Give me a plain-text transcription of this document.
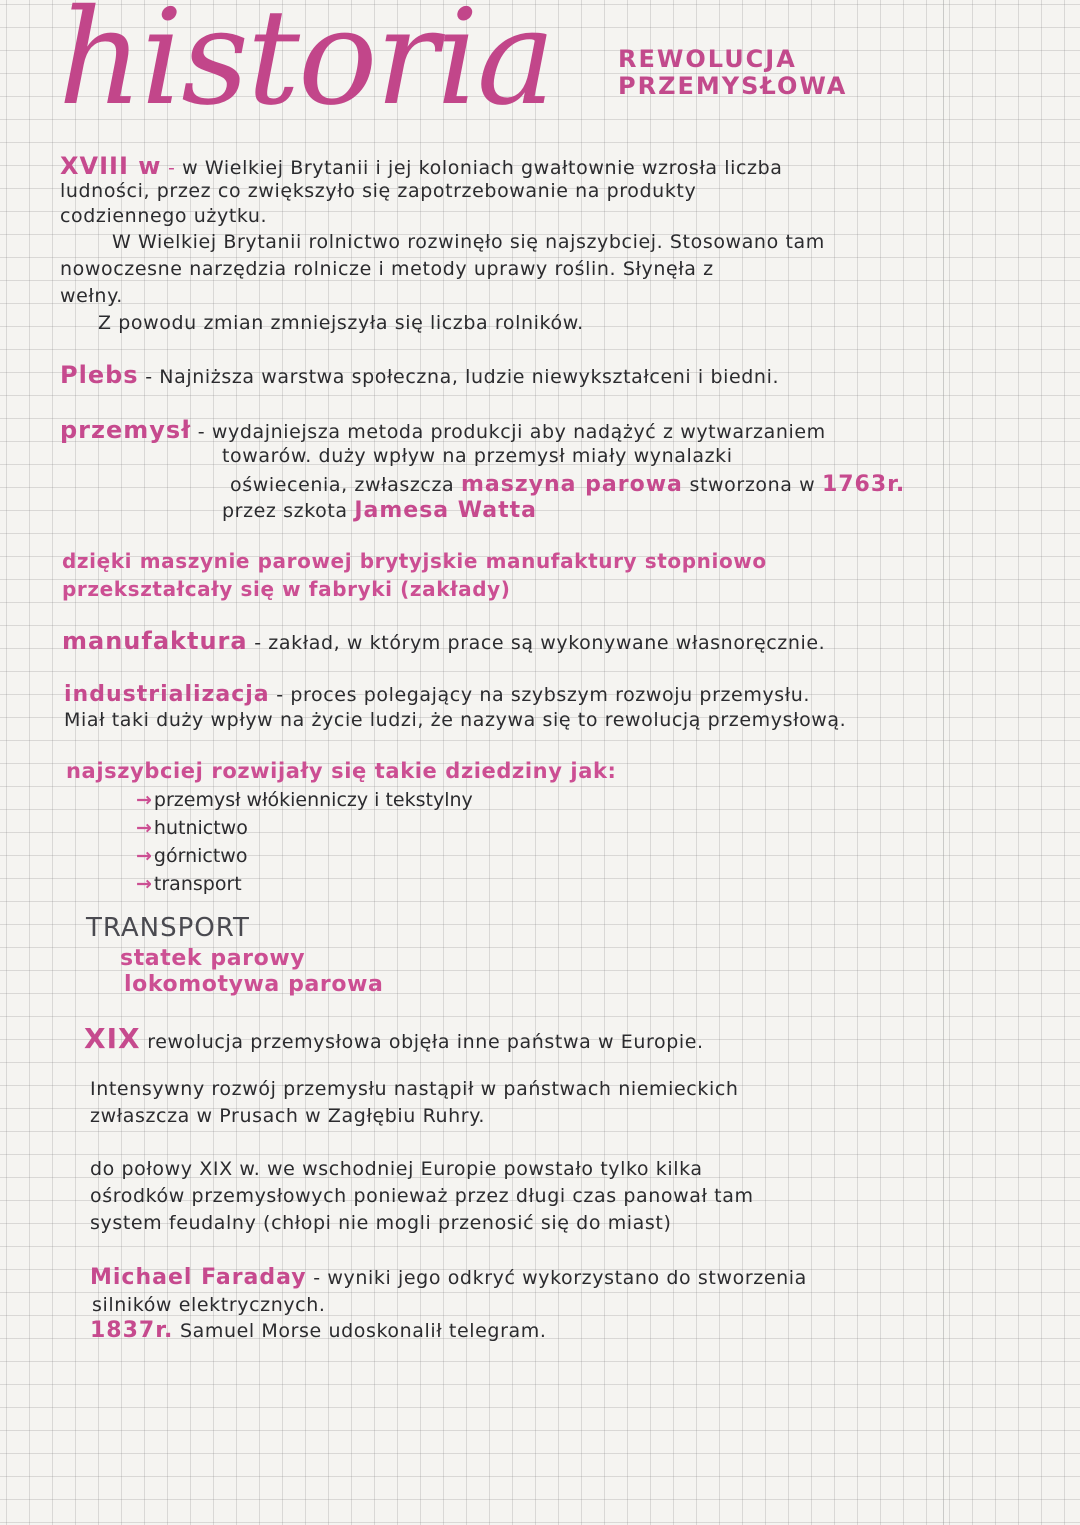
historia	REWOLUCJA
PRZEMYSŁOWA
XVIII w - w Wielkiej Brytanii i jej koloniach gwałtownie wzrosła liczba
ludności, przez co zwiększyło się zapotrzebowanie na produkty
codziennego użytku.
W Wielkiej Brytanii rolnictwo rozwinęło się najszybciej. Stosowano tam
nowoczesne narzędzia rolnicze i metody uprawy roślin. Słynęła z
wełny.
Z powodu zmian zmniejszyła się liczba rolników.
Plebs - Najniższa warstwa społeczna, ludzie niewykształceni i biedni.
przemysł - wydajniejsza metoda produkcji aby nadążyć z wytwarzaniem
towarów. duży wpływ na przemysł miały wynalazki
oświecenia, zwłaszcza maszyna parowa stworzona w 1763r.
przez szkota Jamesa Watta
dzięki maszynie parowej brytyjskie manufaktury stopniowo
przekształcały się w fabryki (zakłady)
manufaktura - zakład, w którym prace są wykonywane własnoręcznie.
industrializacja - proces polegający na szybszym rozwoju przemysłu.
Miał taki duży wpływ na życie ludzi, że nazywa się to rewolucją przemysłową.
najszybciej rozwijały się takie dziedziny jak:
→ przemysł włókienniczy i tekstylny
→ hutnictwo
→ górnictwo
→ transport
TRANSPORT
statek parowy
lokomotywa parowa
XIX rewolucja przemysłowa objęła inne państwa w Europie.
Intensywny rozwój przemysłu nastąpił w państwach niemieckich
zwłaszcza w Prusach w Zagłębiu Ruhry.
do połowy XIX w. we wschodniej Europie powstało tylko kilka
ośrodków przemysłowych ponieważ przez długi czas panował tam
system feudalny (chłopi nie mogli przenosić się do miast)
Michael Faraday - wyniki jego odkryć wykorzystano do stworzenia
silników elektrycznych.
1837r. Samuel Morse udoskonalił telegram.
